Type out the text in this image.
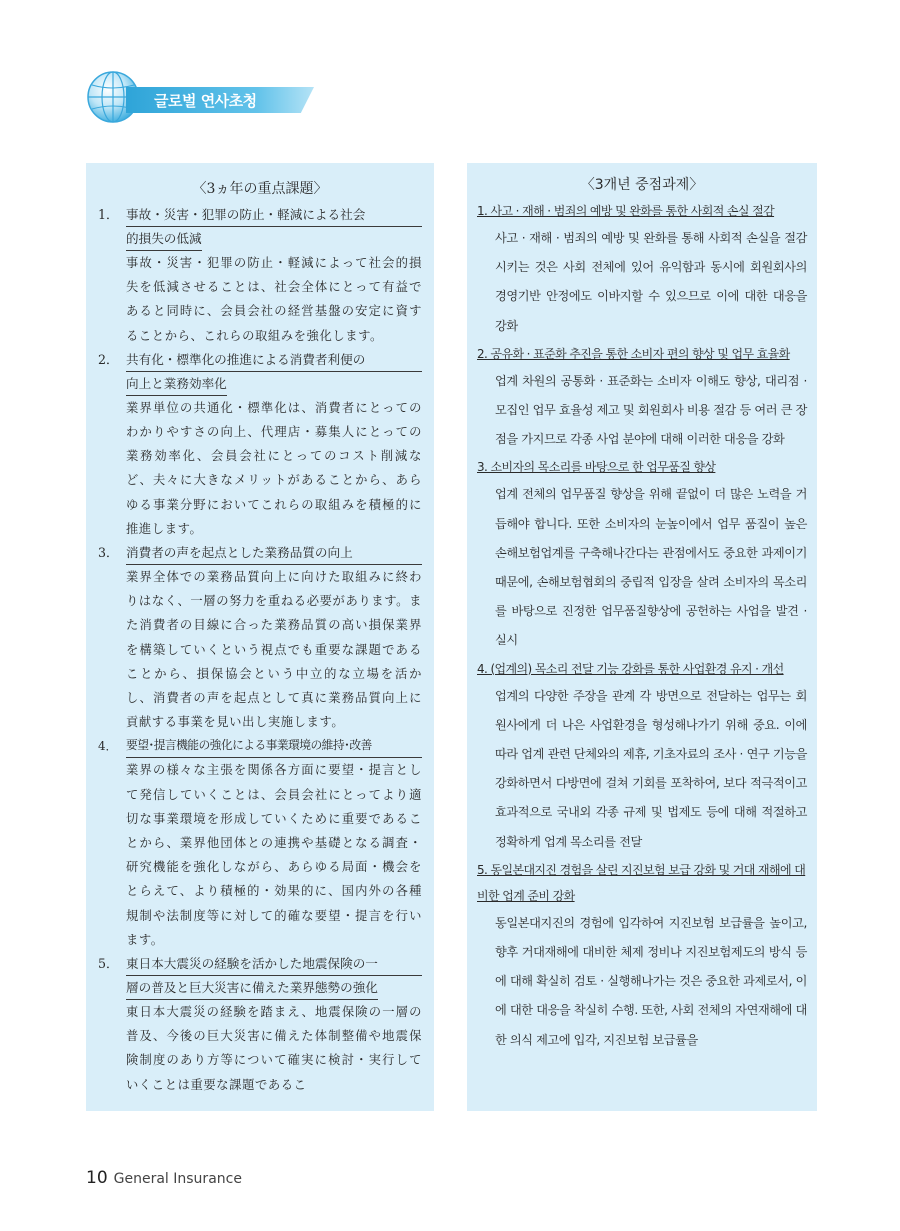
글로벌 연사초청
〈3ヵ年の重点課題〉
1． 事故・災害・犯罪の防止・軽減による社会
的損失の低減
事故・災害・犯罪の防止・軽減によって社会的損失を低減させることは、社会全体にとって有益であると同時に、会員会社の経営基盤の安定に資することから、これらの取組みを強化します。
2． 共有化・標準化の推進による消費者利便の
向上と業務効率化
業界単位の共通化・標準化は、消費者にとってのわかりやすさの向上、代理店・募集人にとっての業務効率化、会員会社にとってのコスト削減など、夫々に大きなメリットがあることから、あらゆる事業分野においてこれらの取組みを積極的に推進します。
3． 消費者の声を起点とした業務品質の向上
業界全体での業務品質向上に向けた取組みに終わりはなく、一層の努力を重ねる必要があります。また消費者の目線に合った業務品質の高い損保業界を構築していくという視点でも重要な課題であることから、損保協会という中立的な立場を活かし、消費者の声を起点として真に業務品質向上に貢献する事業を見い出し実施します。
4． 要望･提言機能の強化による事業環境の維持･改善
業界の様々な主張を関係各方面に要望・提言として発信していくことは、会員会社にとってより適切な事業環境を形成していくために重要であることから、業界他団体との連携や基礎となる調査・研究機能を強化しながら、あらゆる局面・機会をとらえて、より積極的・効果的に、国内外の各種規制や法制度等に対して的確な要望・提言を行います。
5． 東日本大震災の経験を活かした地震保険の一
層の普及と巨大災害に備えた業界態勢の強化
東日本大震災の経験を踏まえ、地震保険の一層の普及、今後の巨大災害に備えた体制整備や地震保険制度のあり方等について確実に検討・実行していくことは重要な課題であるこ
〈3개년 중점과제〉
1. 사고 · 재해 · 범죄의 예방 및 완화를 통한 사회적 손실 절감
사고 · 재해 · 범죄의 예방 및 완화를 통해 사회적 손실을 절감시키는 것은 사회 전체에 있어 유익함과 동시에 회원회사의 경영기반 안정에도 이바지할 수 있으므로 이에 대한 대응을 강화
2. 공유화 · 표준화 추진을 통한 소비자 편의 향상 및 업무 효율화
업계 차원의 공통화 · 표준화는 소비자 이해도 향상, 대리점 · 모집인 업무 효율성 제고 및 회원회사 비용 절감 등 여러 큰 장점을 가지므로 각종 사업 분야에 대해 이러한 대응을 강화
3. 소비자의 목소리를 바탕으로 한 업무품질 향상
업계 전체의 업무품질 향상을 위해 끝없이 더 많은 노력을 거듭해야 합니다. 또한 소비자의 눈높이에서 업무 품질이 높은 손해보험업계를 구축해나간다는 관점에서도 중요한 과제이기 때문에, 손해보험협회의 중립적 입장을 살려 소비자의 목소리를 바탕으로 진정한 업무품질향상에 공헌하는 사업을 발견 · 실시
4. (업계의) 목소리 전달 기능 강화를 통한 사업환경 유지 · 개선
업계의 다양한 주장을 관계 각 방면으로 전달하는 업무는 회원사에게 더 나은 사업환경을 형성해나가기 위해 중요. 이에 따라 업계 관련 단체와의 제휴, 기초자료의 조사 · 연구 기능을 강화하면서 다방면에 걸쳐 기회를 포착하여, 보다 적극적이고 효과적으로 국내외 각종 규제 및 법제도 등에 대해 적절하고 정확하게 업계 목소리를 전달
5. 동일본대지진 경험을 살린 지진보험 보급 강화 및 거대 재해에 대비한 업계 준비 강화
동일본대지진의 경험에 입각하여 지진보험 보급률을 높이고, 향후 거대재해에 대비한 체제 정비나 지진보험제도의 방식 등에 대해 확실히 검토 · 실행해나가는 것은 중요한 과제로서, 이에 대한 대응을 착실히 수행. 또한, 사회 전체의 자연재해에 대한 의식 제고에 입각, 지진보험 보급률을
10 General Insurance
